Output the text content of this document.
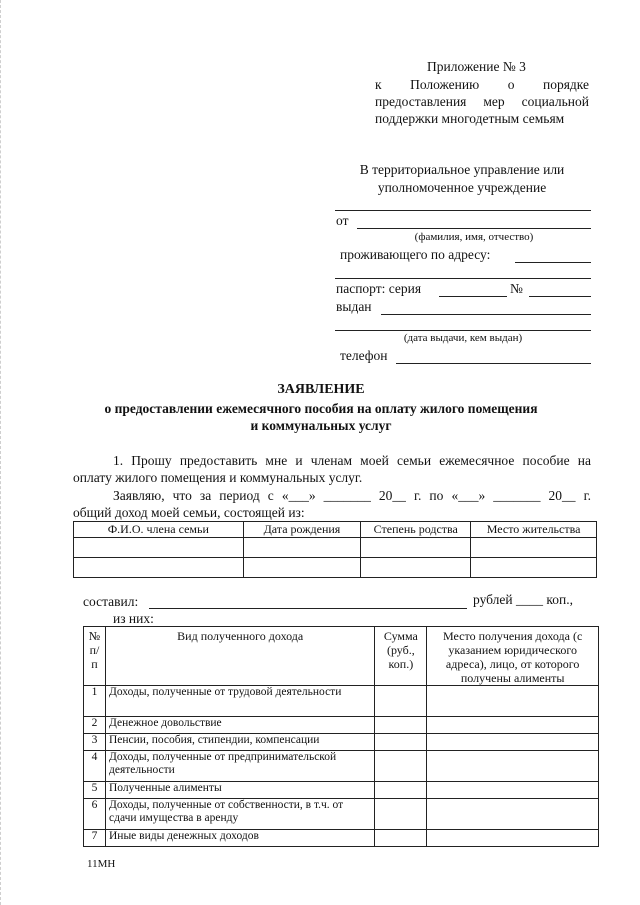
Приложение № 3
к Положению о порядке
предоставления мер социальной
поддержки многодетным семьям
В территориальное управление или
уполномоченное учреждение
от
(фамилия, имя, отчество)
проживающего по адресу:
паспорт: серия	№
выдан
(дата выдачи, кем выдан)
телефон
ЗАЯВЛЕНИЕ
о предоставлении ежемесячного пособия на оплату жилого помещения
и коммунальных услуг
1. Прошу предоставить мне и членам моей семьи ежемесячное пособие на
оплату жилого помещения и коммунальных услуг.
Заявляю, что за период с «___» _______ 20__ г. по «___» _______ 20__ г.
общий доход моей семьи, состоящей из:
Ф.И.О. члена семьи	Дата рождения	Степень родства	Место жительства

составил:	рублей ____ коп.,
из них:
№ п/п	Вид полученного дохода	Сумма (руб., коп.)	Место получения дохода (с указанием юридического адреса), лицо, от которого получены алименты
1	Доходы, полученные от трудовой деятельности		
2	Денежное довольствие		
3	Пенсии, пособия, стипендии, компенсации		
4	Доходы, полученные от предпринимательской деятельности		
5	Полученные алименты		
6	Доходы, полученные от собственности, в т.ч. от сдачи имущества в аренду		
7	Иные виды денежных доходов		
11МН
